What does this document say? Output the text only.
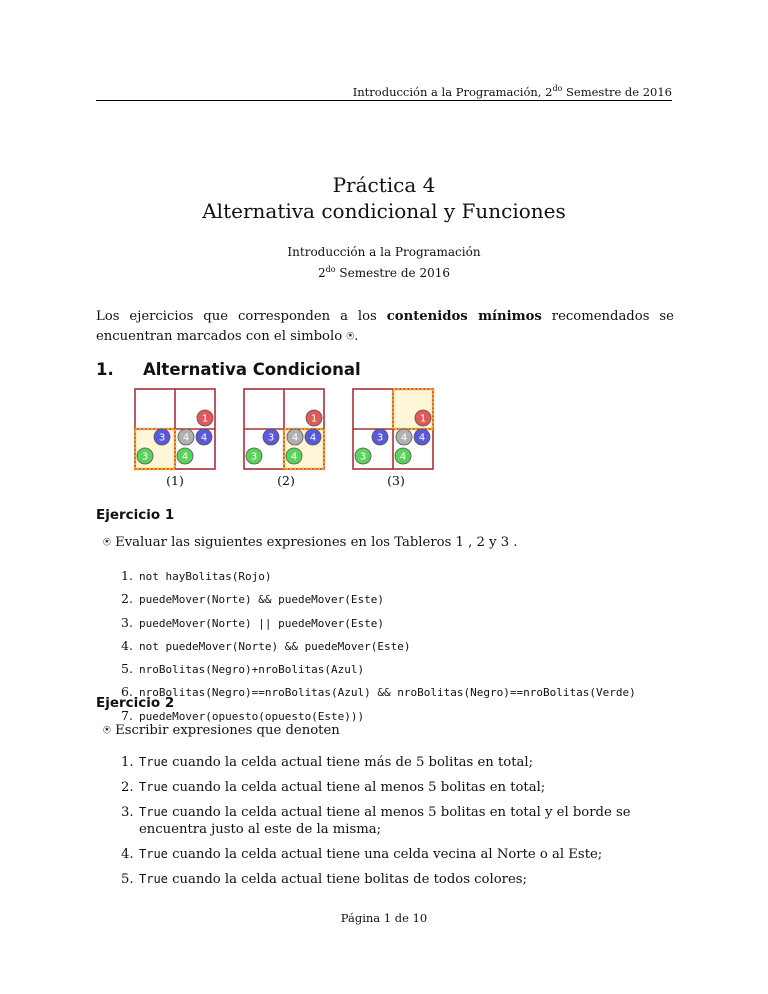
Introducción a la Programación, $2^{do}$ Semestre de 2016
Práctica 4
Alternativa condicional y Funciones
Introducción a la Programación
$2^{do}$ Semestre de 2016
Los ejercicios que corresponden a los contenidos mínimos recomendados se encuentran marcados con el simbolo ⍟.
1. Alternativa Condicional
1
3 4 4
3	4
1
3 4 4
3	4
1
3 4 4
3	4
(1)	(2)	(3)
Ejercicio 1
⍟ Evaluar las siguientes expresiones en los Tableros 1 , 2 y 3 .
1. not hayBolitas(Rojo)
2. puedeMover(Norte) && puedeMover(Este)
3. puedeMover(Norte) || puedeMover(Este)
4. not puedeMover(Norte) && puedeMover(Este)
5. nroBolitas(Negro)+nroBolitas(Azul)
6. nroBolitas(Negro)==nroBolitas(Azul) && nroBolitas(Negro)==nroBolitas(Verde)
7. puedeMover(opuesto(opuesto(Este)))
Ejercicio 2
⍟ Escribir expresiones que denoten
1. True cuando la celda actual tiene más de 5 bolitas en total;
2. True cuando la celda actual tiene al menos 5 bolitas en total;
3. True cuando la celda actual tiene al menos 5 bolitas en total y el borde se encuentra justo al este de la misma;
4. True cuando la celda actual tiene una celda vecina al Norte o al Este;
5. True cuando la celda actual tiene bolitas de todos colores;
Página 1 de 10
